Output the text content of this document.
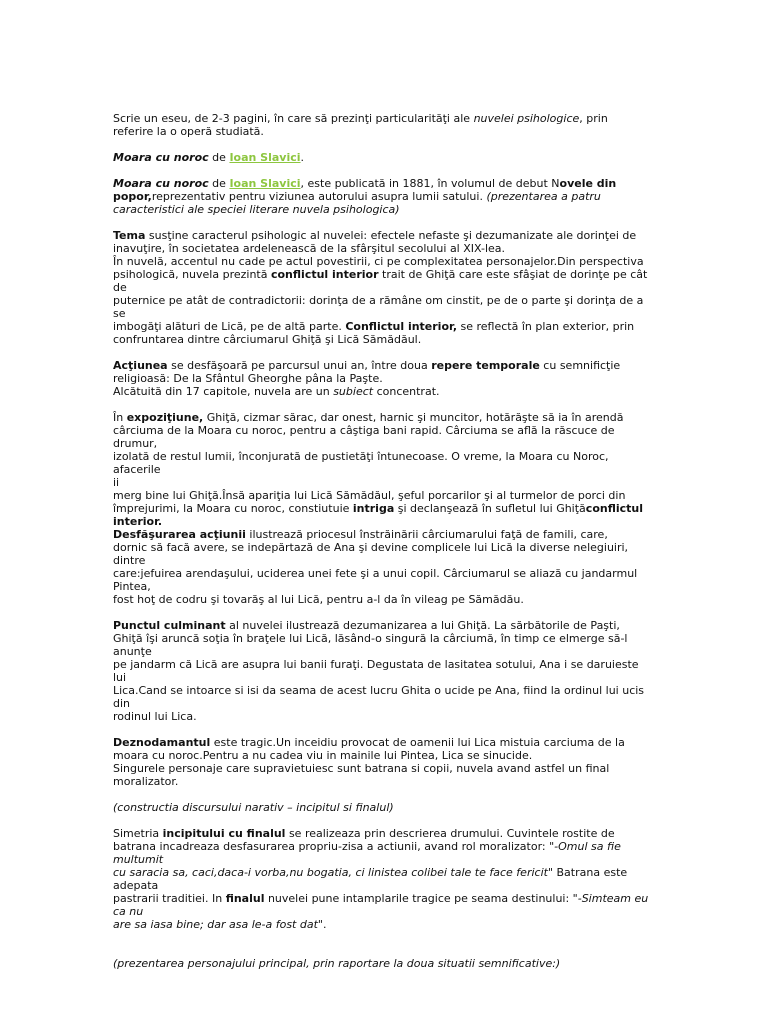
Scrie un eseu, de 2-3 pagini, în care să prezinţi particularităţi ale nuvelei psihologice, prin
referire la o operă studiată.

Moara cu noroc de Ioan Slavici.

Moara cu noroc de Ioan Slavici, este publicată in 1881, în volumul de debut Novele din
popor,reprezentativ pentru viziunea autorului asupra lumii satului. (prezentarea a patru
caracteristici ale speciei literare nuvela psihologica)

Tema susţine caracterul psihologic al nuvelei: efectele nefaste şi dezumanizate ale dorinţei de
inavuţire, în societatea ardelenească de la sfârşitul secolului al XIX-lea.
În nuvelă, accentul nu cade pe actul povestirii, ci pe complexitatea personajelor.Din perspectiva
psihologică, nuvela prezintă conflictul interior trait de Ghiţă care este sfâşiat de dorinţe pe cât de
puternice pe atât de contradictorii: dorinţa de a rămâne om cinstit, pe de o parte şi dorinţa de a se
imbogăţi alături de Lică, pe de altă parte. Conflictul interior, se reflectă în plan exterior, prin
confruntarea dintre cârciumarul Ghiţă şi Lică Sămădăul.

Acţiunea se desfăşoară pe parcursul unui an, între doua repere temporale cu semnificţie
religioasă: De la Sfântul Gheorghe pâna la Paşte.
Alcătuită din 17 capitole, nuvela are un subiect concentrat.

În expoziţiune, Ghiţă, cizmar sărac, dar onest, harnic şi muncitor, hotărăşte să ia în arendă
cârciuma de la Moara cu noroc, pentru a câştiga bani rapid. Cârciuma se află la răscuce de drumur,
izolată de restul lumii, înconjurată de pustietăţi întunecoase. O vreme, la Moara cu Noroc, afacerile
ii
merg bine lui Ghiţă.Însă apariţia lui Lică Sămădăul, şeful porcarilor şi al turmelor de porci din
împrejurimi, la Moara cu noroc, constiutuie intriga şi declanşează în sufletul lui Ghiţăconflictul
interior.

Desfăşurarea acţiunii ilustrează priocesul înstrăinării cârciumarului faţă de famili, care,
dornic să facă avere, se indepărtază de Ana şi devine complicele lui Lică la diverse nelegiuiri, dintre
care:jefuirea arendaşului, uciderea unei fete şi a unui copil. Cârciumarul se aliază cu jandarmul
Pintea,
fost hoţ de codru şi tovarăş al lui Lică, pentru a-l da în vileag pe Sămădău.

Punctul culminant al nuvelei ilustrează dezumanizarea a lui Ghiţă. La sărbătorile de Paşti,
Ghiţă îşi aruncă soţia în braţele lui Lică, lăsând-o singură la cârciumă, în timp ce elmerge să-l
anunţe
pe jandarm că Lică are asupra lui banii furaţi. Degustata de lasitatea sotului, Ana i se daruieste lui
Lica.Cand se intoarce si isi da seama de acest lucru Ghita o ucide pe Ana, fiind la ordinul lui ucis
din
rodinul lui Lica.

Deznodamantul este tragic.Un inceidiu provocat de oamenii lui Lica mistuia carciuma de la
moara cu noroc.Pentru a nu cadea viu in mainile lui Pintea, Lica se sinucide.
Singurele personaje care supravietuiesc sunt batrana si copii, nuvela avand astfel un final
moralizator.

(constructia discursului narativ – incipitul si finalul)

Simetria incipitului cu finalul se realizeaza prin descrierea drumului. Cuvintele rostite de
batrana incadreaza desfasurarea propriu-zisa a actiunii, avand rol moralizator: "-Omul sa fie
multumit
cu saracia sa, caci,daca-i vorba,nu bogatia, ci linistea colibei tale te face fericit" Batrana este
adepata
pastrarii traditiei. In finalul nuvelei pune intamplarile tragice pe seama destinului: "-Simteam eu
ca nu
are sa iasa bine; dar asa le-a fost dat".

(prezentarea personajului principal, prin raportare la doua situatii semnificative:)
